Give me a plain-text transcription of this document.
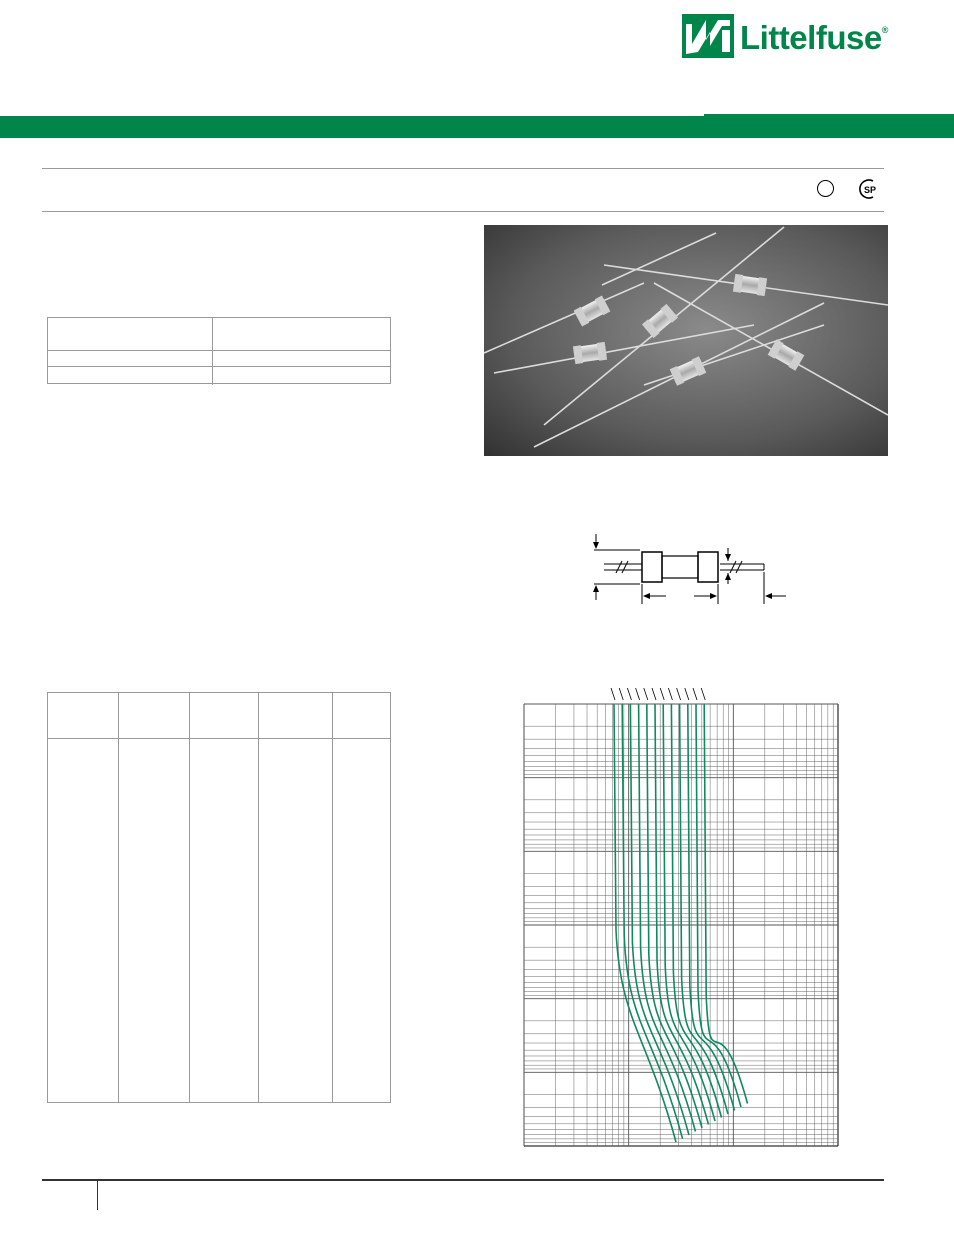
Littelfuse®
SP
